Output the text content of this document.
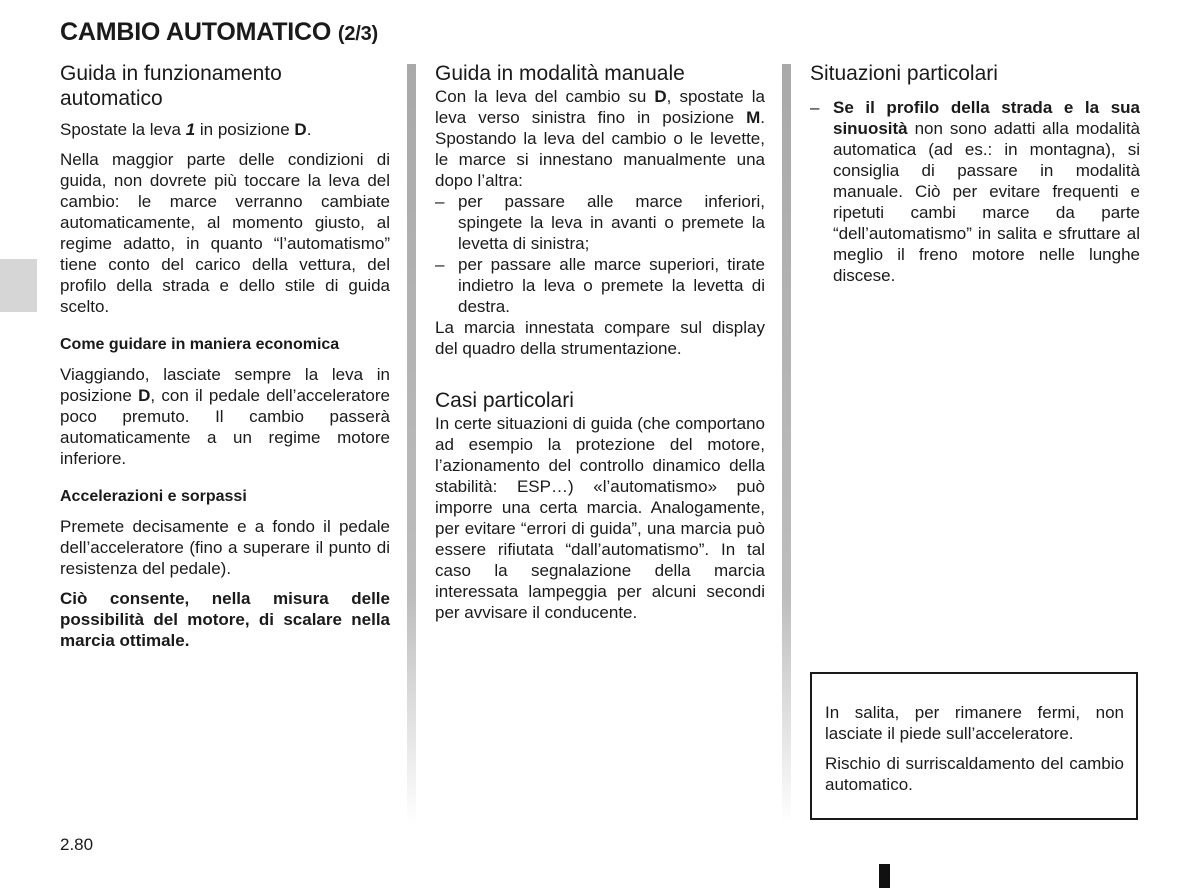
CAMBIO AUTOMATICO (2/3)
Guida in funzionamento automatico

Spostate la leva 1 in posizione D.

Nella maggior parte delle condizioni di guida, non dovrete più toccare la leva del cambio: le marce verranno cambiate automaticamente, al momento giusto, al regime adatto, in quanto “l’automatismo” tiene conto del carico della vettura, del profilo della strada e dello stile di guida scelto.

Come guidare in maniera economica

Viaggiando, lasciate sempre la leva in posizione D, con il pedale dell’acceleratore poco premuto. Il cambio passerà automaticamente a un regime motore inferiore.

Accelerazioni e sorpassi

Premete decisamente e a fondo il pedale dell’acceleratore (fino a superare il punto di resistenza del pedale).

Ciò consente, nella misura delle possibilità del motore, di scalare nella marcia ottimale.

Guida in modalità manuale

Con la leva del cambio su D, spostate la leva verso sinistra fino in posizione M. Spostando la leva del cambio o le levette, le marce si innestano manualmente una dopo l’altra:

– per passare alle marce inferiori, spingete la leva in avanti o premete la levetta di sinistra;
– per passare alle marce superiori, tirate indietro la leva o premete la levetta di destra.

La marcia innestata compare sul display del quadro della strumentazione.

Casi particolari

In certe situazioni di guida (che comportano ad esempio la protezione del motore, l’azionamento del controllo dinamico della stabilità: ESP…) «l’automatismo» può imporre una certa marcia. Analogamente, per evitare “errori di guida”, una marcia può essere rifiutata “dall’automatismo”. In tal caso la segnalazione della marcia interessata lampeggia per alcuni secondi per avvisare il conducente.

Situazioni particolari
– Se il profilo della strada e la sua sinuosità non sono adatti alla modalità automatica (ad es.: in montagna), si consiglia di passare in modalità manuale. Ciò per evitare frequenti e ripetuti cambi marce da parte “dell’automatismo” in salita e sfruttare al meglio il freno motore nelle lunghe discese.

In salita, per rimanere fermi, non lasciate il piede sull’acceleratore.

Rischio di surriscaldamento del cambio automatico.

2.80
